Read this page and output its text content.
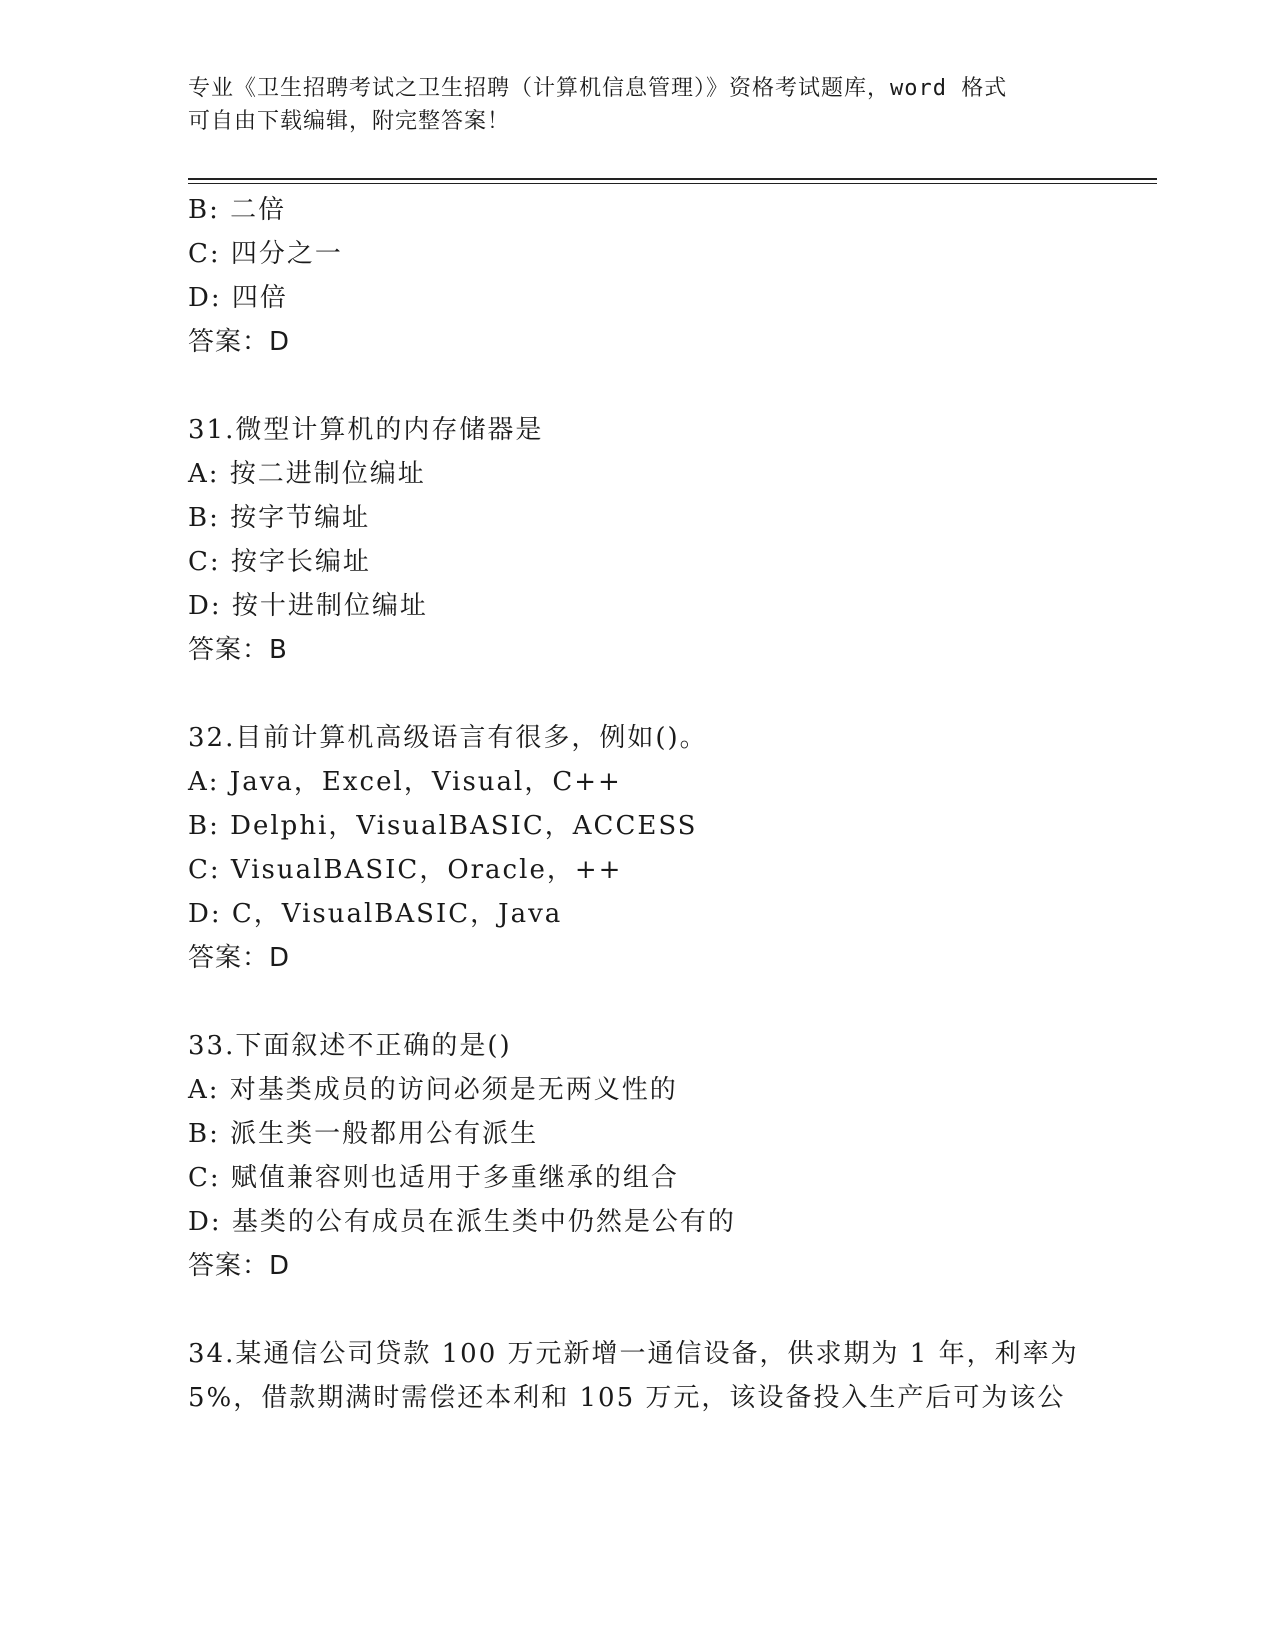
专业《卫生招聘考试之卫生招聘（计算机信息管理）》资格考试题库，word 格式
可自由下载编辑，附完整答案！
B: 二倍
C: 四分之一
D: 四倍
答案：D
31.微型计算机的内存储器是
A: 按二进制位编址
B: 按字节编址
C: 按字长编址
D: 按十进制位编址
答案：B
32.目前计算机高级语言有很多，例如()。
A: Java，Excel，Visual，C++
B: Delphi，VisualBASIC，ACCESS
C: VisualBASIC，Oracle，++
D: C，VisualBASIC，Java
答案：D
33.下面叙述不正确的是()
A: 对基类成员的访问必须是无两义性的
B: 派生类一般都用公有派生
C: 赋值兼容则也适用于多重继承的组合
D: 基类的公有成员在派生类中仍然是公有的
答案：D
34.某通信公司贷款 100 万元新增一通信设备，供求期为 1 年，利率为
5%，借款期满时需偿还本利和 105 万元，该设备投入生产后可为该公
